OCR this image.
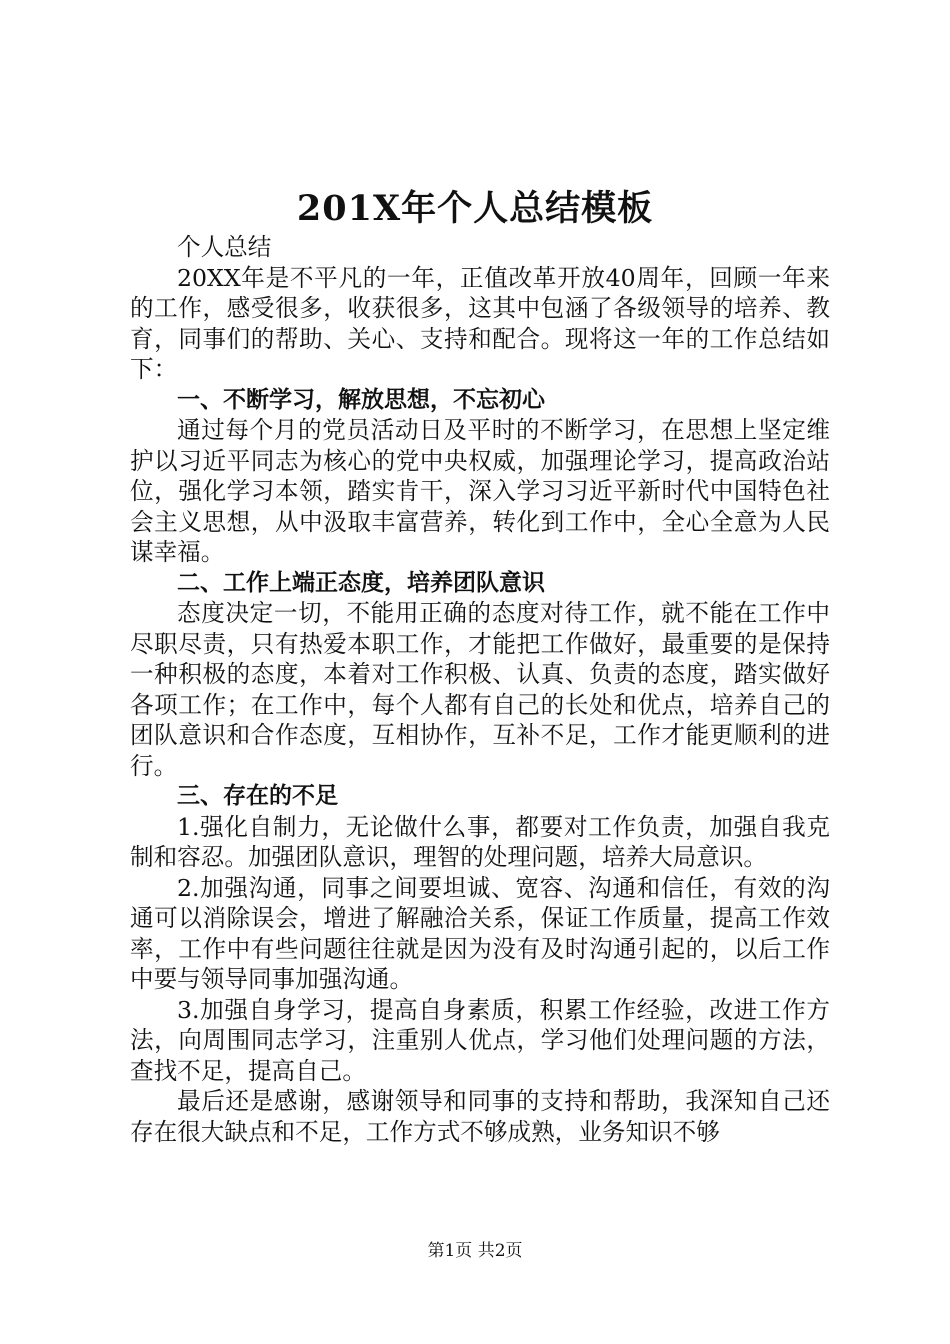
201X年个人总结模板

个人总结

20XX年是不平凡的一年，正值改革开放40周年，回顾一年来的工作，感受很多，收获很多，这其中包涵了各级领导的培养、教育，同事们的帮助、关心、支持和配合。现将这一年的工作总结如下：

一、不断学习，解放思想，不忘初心

通过每个月的党员活动日及平时的不断学习，在思想上坚定维护以习近平同志为核心的党中央权威，加强理论学习，提高政治站位，强化学习本领，踏实肯干，深入学习习近平新时代中国特色社会主义思想，从中汲取丰富营养，转化到工作中，全心全意为人民谋幸福。

二、工作上端正态度，培养团队意识

态度决定一切，不能用正确的态度对待工作，就不能在工作中尽职尽责，只有热爱本职工作，才能把工作做好，最重要的是保持一种积极的态度，本着对工作积极、认真、负责的态度，踏实做好各项工作；在工作中，每个人都有自己的长处和优点，培养自己的团队意识和合作态度，互相协作，互补不足，工作才能更顺利的进行。

三、存在的不足

1.强化自制力，无论做什么事，都要对工作负责，加强自我克制和容忍。加强团队意识，理智的处理问题，培养大局意识。

2.加强沟通，同事之间要坦诚、宽容、沟通和信任，有效的沟通可以消除误会，增进了解融洽关系，保证工作质量，提高工作效率，工作中有些问题往往就是因为没有及时沟通引起的，以后工作中要与领导同事加强沟通。

3.加强自身学习，提高自身素质，积累工作经验，改进工作方法，向周围同志学习，注重别人优点，学习他们处理问题的方法，查找不足，提高自己。

最后还是感谢，感谢领导和同事的支持和帮助，我深知自己还存在很大缺点和不足，工作方式不够成熟，业务知识不够

第1页 共2页
